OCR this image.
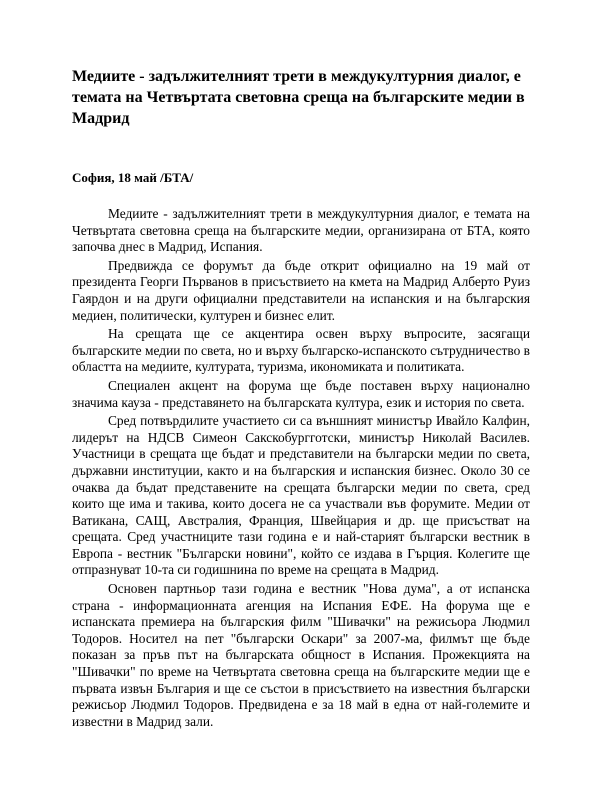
Медиите - задължителният трети в междукултурния диалог, е темата на Четвъртата световна среща на българските медии в Мадрид

София, 18 май /БТА/

Медиите - задължителният трети в междукултурния диалог, е темата на Четвъртата световна среща на българските медии, организирана от БТА, която започва днес в Мадрид, Испания.

Предвижда се форумът да бъде открит официално на 19 май от президента Георги Първанов в присъствието на кмета на Мадрид Алберто Руиз Гаярдон и на други официални представители на испанския и на българския медиен, политически, културен и бизнес елит.

На срещата ще се акцентира освен върху въпросите, засягащи българските медии по света, но и върху българско-испанското сътрудничество в областта на медиите, културата, туризма, икономиката и политиката.

Специален акцент на форума ще бъде поставен върху национално значима кауза - представянето на българската култура, език и история по света.

Сред потвърдилите участието си са външният министър Ивайло Калфин, лидерът на НДСВ Симеон Сакскобургготски, министър Николай Василев. Участници в срещата ще бъдат и представители на български медии по света, държавни институции, както и на българския и испанския бизнес. Около 30 се очаква да бъдат представените на срещата български медии по света, сред които ще има и такива, които досега не са участвали във форумите. Медии от Ватикана, САЩ, Австралия, Франция, Швейцария и др. ще присъстват на срещата. Сред участниците тази година е и най-старият български вестник в Европа - вестник "Български новини", който се издава в Гърция. Колегите ще отпразнуват 10-та си годишнина по време на срещата в Мадрид.

Основен партньор тази година е вестник "Нова дума", а от испанска страна - информационната агенция на Испания ЕФЕ. На форума ще е испанската премиера на българския филм "Шивачки" на режисьора Людмил Тодоров. Носител на пет "български Оскари" за 2007-ма, филмът ще бъде показан за пръв път на българската общност в Испания. Прожекцията на "Шивачки" по време на Четвъртата световна среща на българските медии ще е първата извън България и ще се състои в присъствието на известния български режисьор Людмил Тодоров. Предвидена е за 18 май в една от най-големите и известни в Мадрид зали.
